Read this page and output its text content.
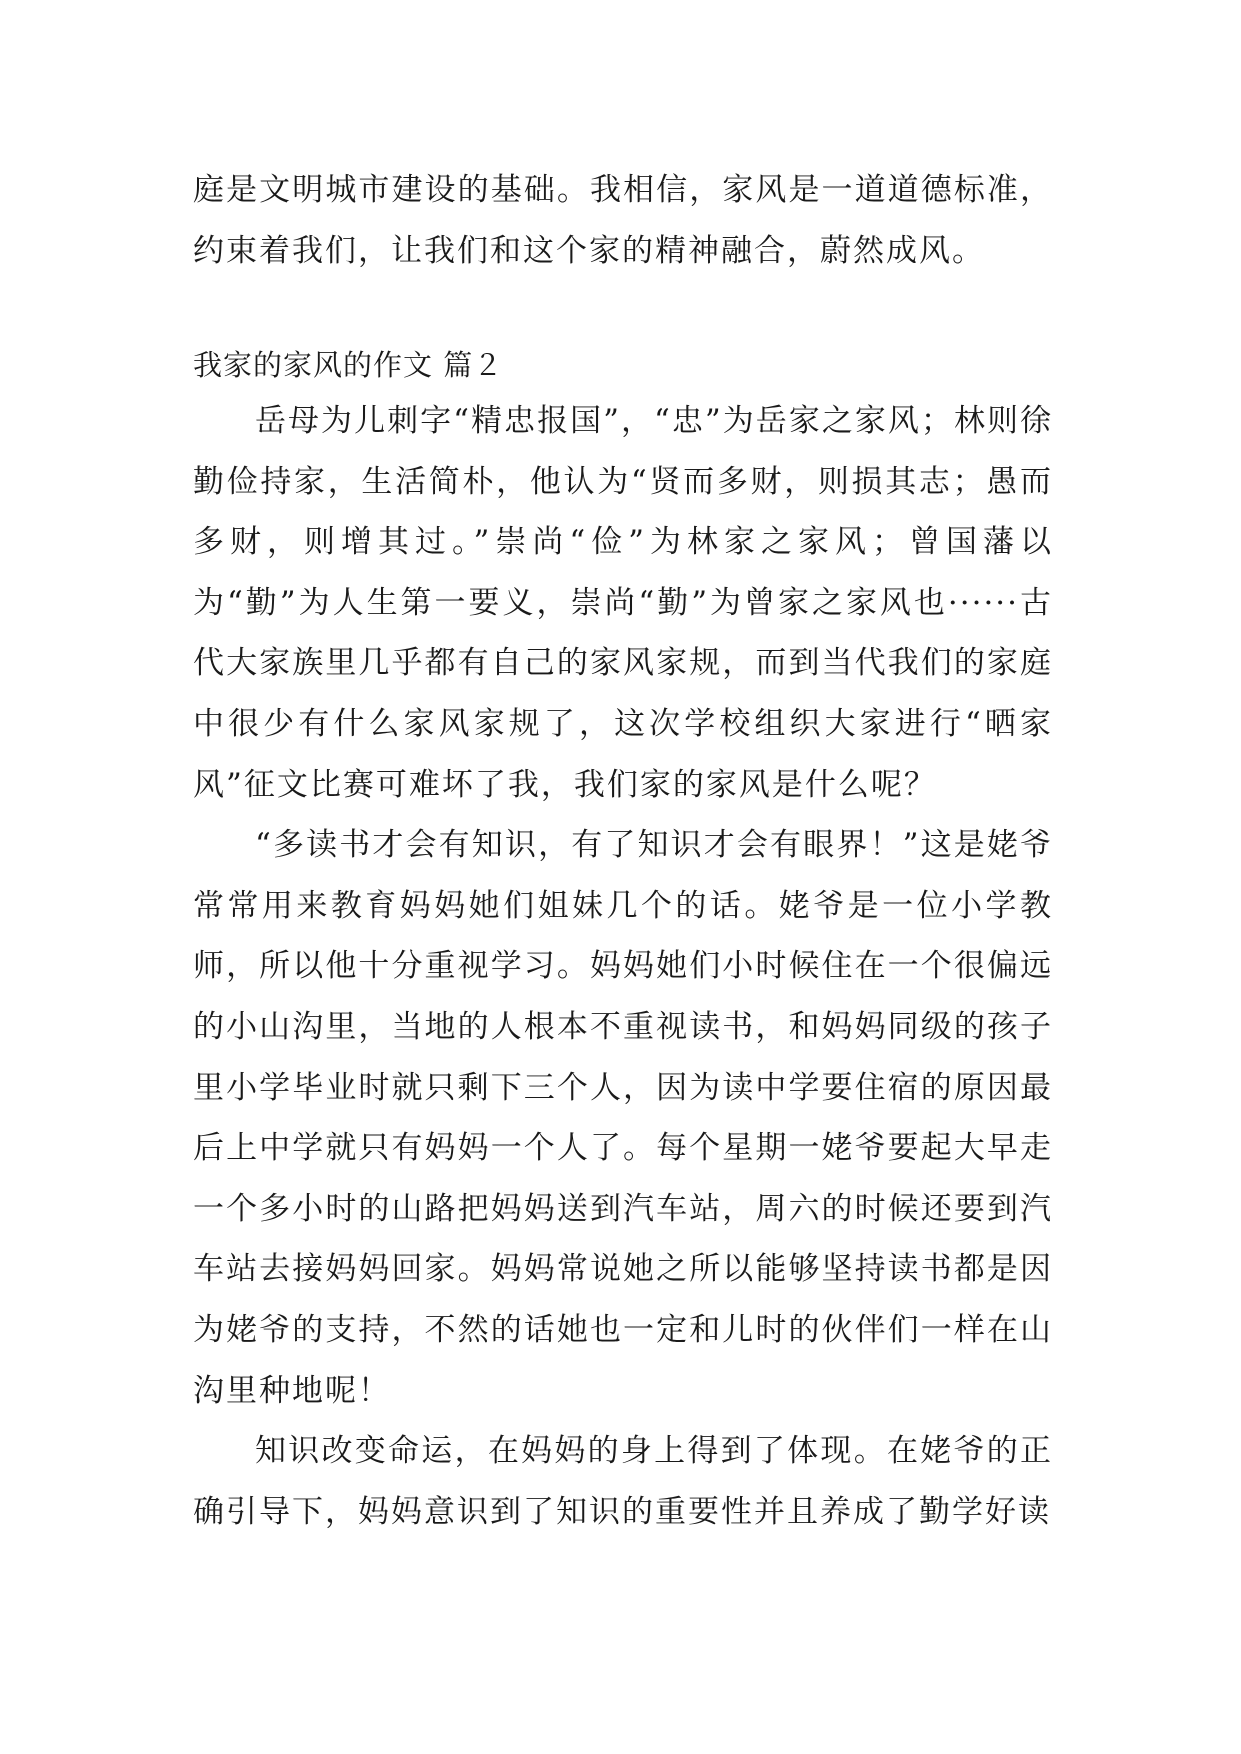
庭是文明城市建设的基础。我相信，家风是一道道德标准，约束着我们，让我们和这个家的精神融合，蔚然成风。

我家的家风的作文 篇２

岳母为儿刺字“精忠报国”，“忠”为岳家之家风；林则徐勤俭持家，生活简朴，他认为“贤而多财，则损其志；愚而多财，则增其过。”崇尚“俭”为林家之家风；曾国藩以为“勤”为人生第一要义，崇尚“勤”为曾家之家风也······古代大家族里几乎都有自己的家风家规，而到当代我们的家庭中很少有什么家风家规了，这次学校组织大家进行“晒家风”征文比赛可难坏了我，我们家的家风是什么呢？

“多读书才会有知识，有了知识才会有眼界！”这是姥爷常常用来教育妈妈她们姐妹几个的话。姥爷是一位小学教师，所以他十分重视学习。妈妈她们小时候住在一个很偏远的小山沟里，当地的人根本不重视读书，和妈妈同级的孩子里小学毕业时就只剩下三个人，因为读中学要住宿的原因最后上中学就只有妈妈一个人了。每个星期一姥爷要起大早走一个多小时的山路把妈妈送到汽车站，周六的时候还要到汽车站去接妈妈回家。妈妈常说她之所以能够坚持读书都是因为姥爷的支持，不然的话她也一定和儿时的伙伴们一样在山沟里种地呢！

知识改变命运，在妈妈的身上得到了体现。在姥爷的正确引导下，妈妈意识到了知识的重要性并且养成了勤学好读
